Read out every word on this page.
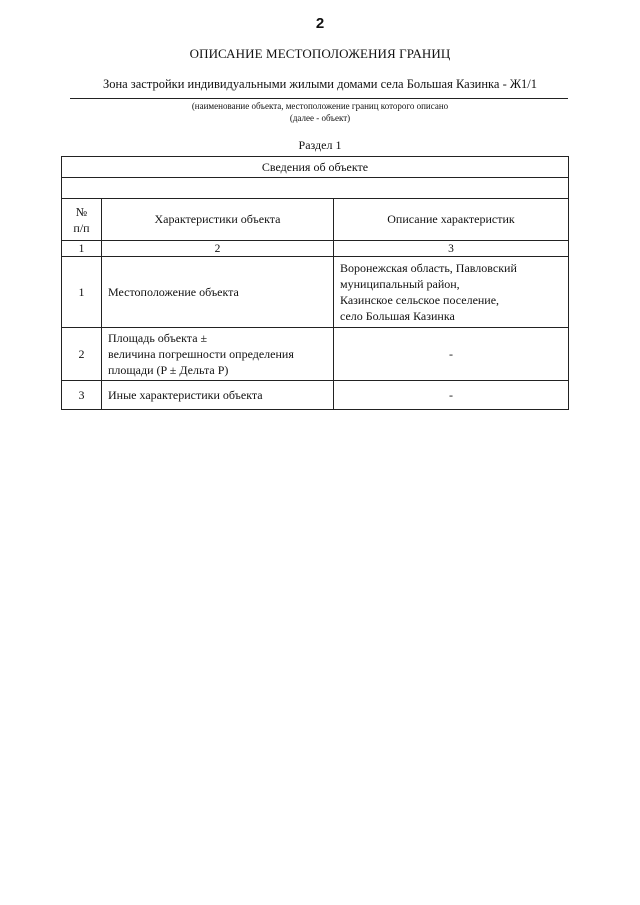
2
ОПИСАНИЕ МЕСТОПОЛОЖЕНИЯ ГРАНИЦ
Зона застройки индивидуальными жилыми домами села Большая Казинка - Ж1/1
(наименование объекта, местоположение границ которого описано
(далее - объект)
Раздел 1
Сведения об объекте		

№
п/п	Характеристики объекта	Описание характеристик
1	2	3
1	Местоположение объекта	Воронежская область, Павловский
муниципальный район,
Казинское сельское поселение,
село Большая Казинка

2	Площадь объекта ±
величина погрешности определения
площади (P ± Дельта P)	-

3	Иные характеристики объекта	-
